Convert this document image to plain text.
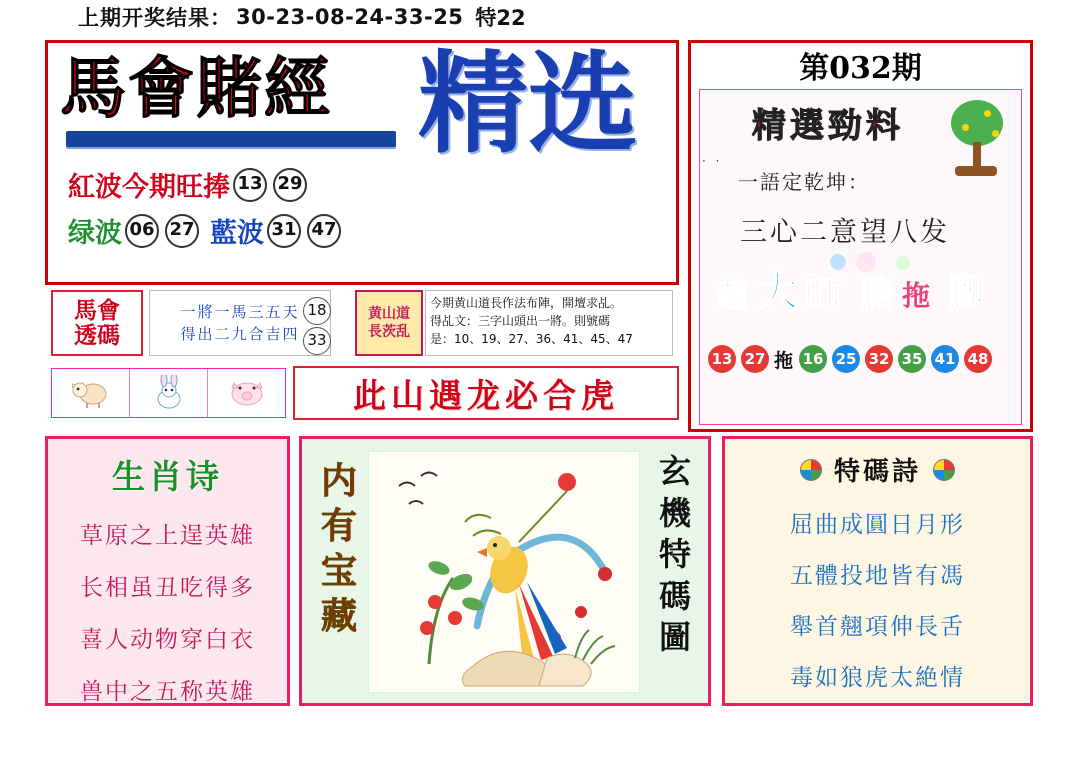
上期开奖结果： 30-23-08-24-33-25 特22
馬會賭經 精选
紅波今期旺捧 13 29
绿波 06 27 藍波 31 47
馬會
透碼
一將一馬三五天
得出二九合吉四
18
33
黄山道
長茨乱
今期黄山道長作法布陣，開壇求乩。
得乩文：三字山頭出一將。則號碼
是：10、19、27、36、41、45、47
此山遇龙必合虎
第032期
精選勁料
· ·
一語定乾坤：
三心二意望八发
鐘 大 師 膽 拖 腳
13 27 拖 16 25 32 35 41 48
生肖诗
草原之上逞英雄
长相虽丑吃得多
喜人动物穿白衣
兽中之五称英雄
内有宝藏
玄機特碼圖
特碼詩
屈曲成圓日月形
五體投地皆有馮
舉首翹項伸長舌
毒如狼虎太絶情
